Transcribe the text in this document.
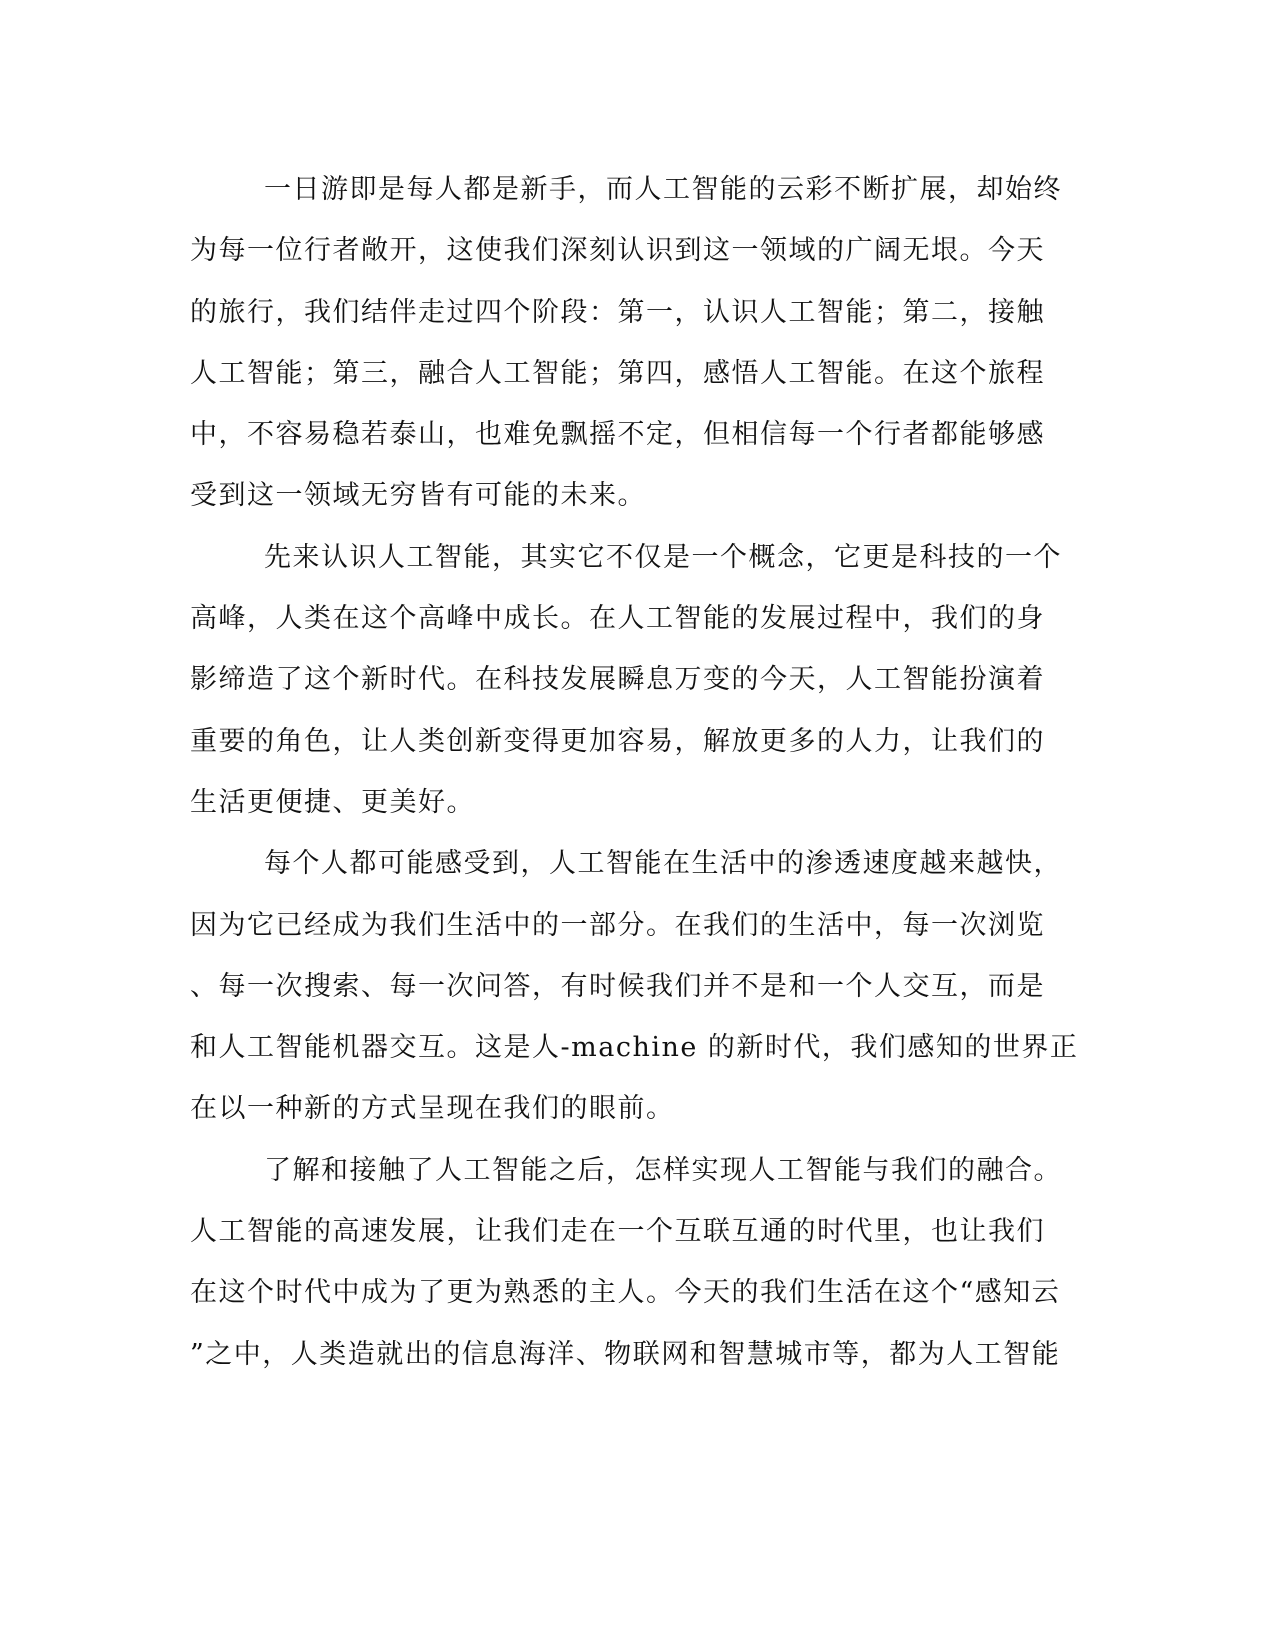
一日游即是每人都是新手，而人工智能的云彩不断扩展，却始终
为每一位行者敞开，这使我们深刻认识到这一领域的广阔无垠。今天
的旅行，我们结伴走过四个阶段：第一，认识人工智能；第二，接触
人工智能；第三，融合人工智能；第四，感悟人工智能。在这个旅程
中，不容易稳若泰山，也难免飘摇不定，但相信每一个行者都能够感
受到这一领域无穷皆有可能的未来。
先来认识人工智能，其实它不仅是一个概念，它更是科技的一个
高峰，人类在这个高峰中成长。在人工智能的发展过程中，我们的身
影缔造了这个新时代。在科技发展瞬息万变的今天，人工智能扮演着
重要的角色，让人类创新变得更加容易，解放更多的人力，让我们的
生活更便捷、更美好。
每个人都可能感受到，人工智能在生活中的渗透速度越来越快，
因为它已经成为我们生活中的一部分。在我们的生活中，每一次浏览
、每一次搜索、每一次问答，有时候我们并不是和一个人交互，而是
和人工智能机器交互。这是人-machine 的新时代，我们感知的世界正
在以一种新的方式呈现在我们的眼前。
了解和接触了人工智能之后，怎样实现人工智能与我们的融合。
人工智能的高速发展，让我们走在一个互联互通的时代里，也让我们
在这个时代中成为了更为熟悉的主人。今天的我们生活在这个“感知云
”之中，人类造就出的信息海洋、物联网和智慧城市等，都为人工智能
